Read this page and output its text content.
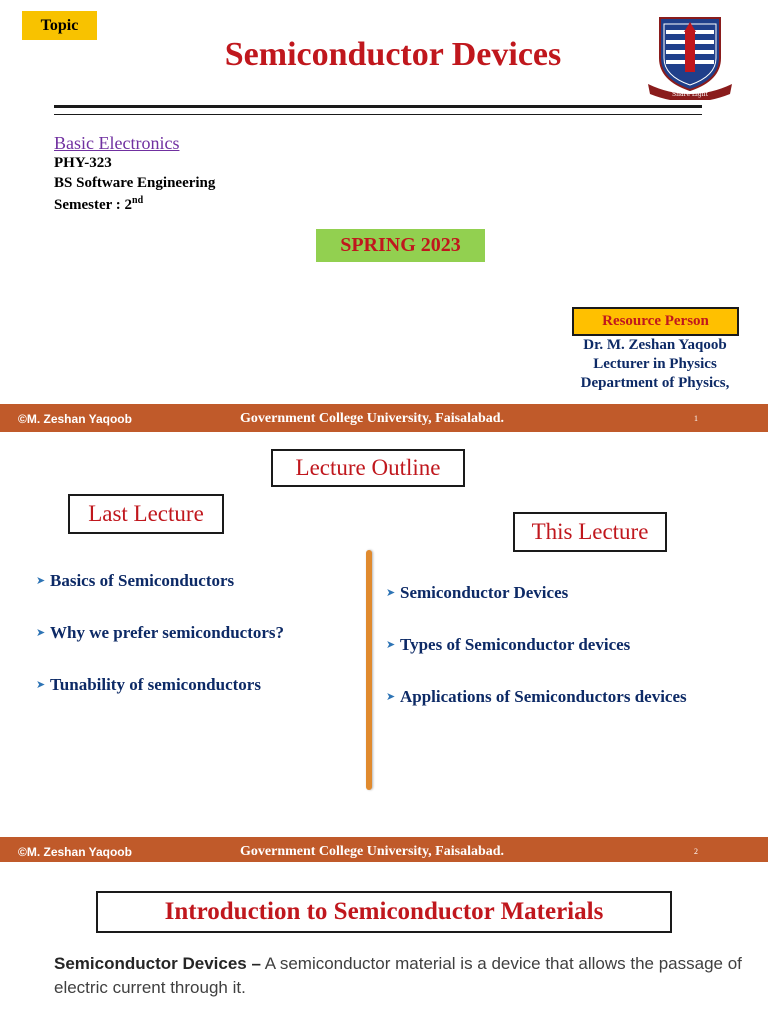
Topic
Semiconductor Devices
Share Light
Basic Electronics
PHY-323
BS Software Engineering
Semester : 2nd
SPRING 2023
Resource Person
Dr. M. Zeshan Yaqoob
Lecturer in Physics
Department of Physics,
©M. Zeshan Yaqoob	Government College University, Faisalabad.	1
Lecture Outline
Last Lecture
This Lecture
➤ Basics of Semiconductors
➤ Why we prefer semiconductors?
➤ Tunability of semiconductors
➤ Semiconductor Devices
➤ Types of Semiconductor devices
➤ Applications of Semiconductors devices
©M. Zeshan Yaqoob	Government College University, Faisalabad.	2
Introduction to Semiconductor Materials
Semiconductor Devices – A semiconductor material is a device that allows the passage of electric current through it.
